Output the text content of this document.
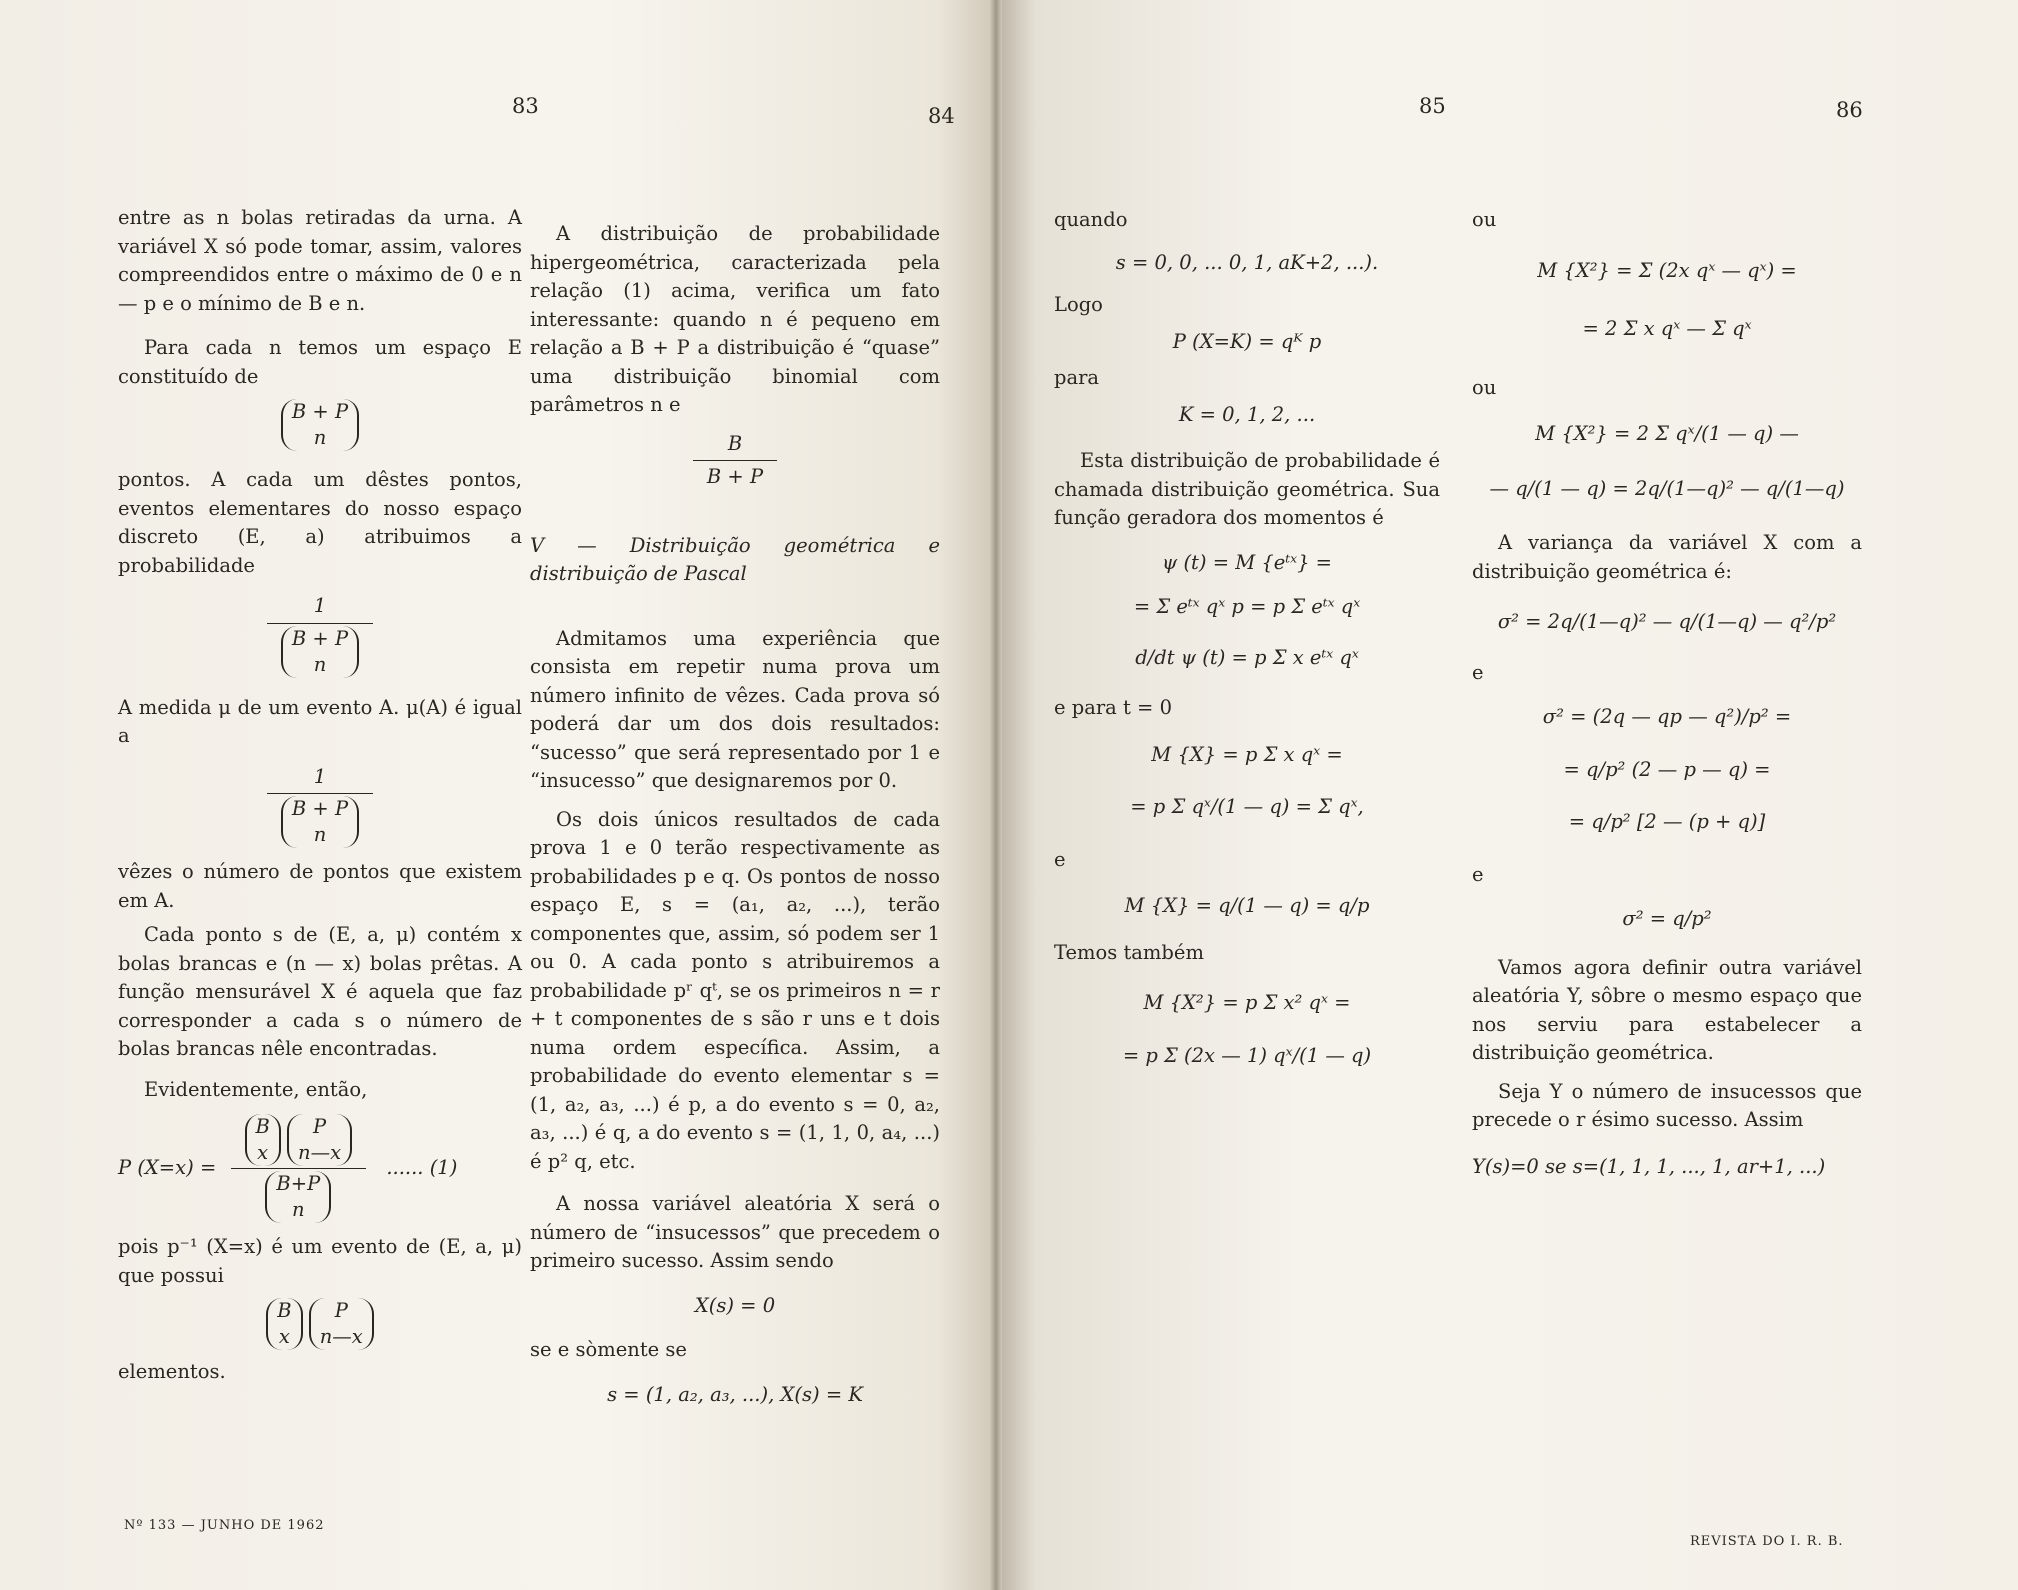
83	84	85	86

entre as n bolas retiradas da urna. A variável X só pode tomar, assim, valores compreendidos entre o máximo de 0 e n — p e o mínimo de B e n.

Para cada n temos um espaço E constituído de

B + P
n

pontos. A cada um dêstes pontos, eventos elementares do nosso espaço discreto (E, a) atribuimos a probabilidade

1
B + P
n

A medida μ de um evento A. μ(A) é igual a

1
B + P
n

vêzes o número de pontos que existem em A.

Cada ponto s de (E, a, μ) contém x bolas brancas e (n — x) bolas prêtas. A função mensurável X é aquela que faz corresponder a cada s o número de bolas brancas nêle encontradas.

Evidentemente, então,

P (X=x) =
B
x P
n—x
B+P
n
...... (1)

pois p⁻¹ (X=x) é um evento de (E, a, μ) que possui

B
x P
n—x

elementos.

A distribuição de probabilidade hipergeométrica, caracterizada pela relação (1) acima, verifica um fato interessante: quando n é pequeno em relação a B + P a distribuição é “quase” uma distribuição binomial com parâmetros n e

$\frac{B}{B + P}$

V — Distribuição geométrica e distribuição de Pascal

Admitamos uma experiência que consista em repetir numa prova um número infinito de vêzes. Cada prova só poderá dar um dos dois resultados: “sucesso” que será representado por 1 e “insucesso” que designaremos por 0.

Os dois únicos resultados de cada prova 1 e 0 terão respectivamente as probabilidades p e q. Os pontos de nosso espaço E, s = (a₁, a₂, ...), terão componentes que, assim, só podem ser 1 ou 0. A cada ponto s atribuiremos a probabilidade pʳ qᵗ, se os primeiros n = r + t componentes de s são r uns e t dois numa ordem específica. Assim, a probabilidade do evento elementar s = (1, a₂, a₃, ...) é p, a do evento s = 0, a₂, a₃, ...) é q, a do evento s = (1, 1, 0, a₄, ...) é p² q, etc.

A nossa variável aleatória X será o número de “insucessos” que precedem o primeiro sucesso. Assim sendo

X(s) = 0

se e sòmente se

s = (1, a₂, a₃, ...), X(s) = K

quando

s = 0, 0, ... 0, 1, aK+2, ...).

Logo

P (X=K) = qᴷ p

para

K = 0, 1, 2, ...

Esta distribuição de probabilidade é chamada distribuição geométrica. Sua função geradora dos momentos é

ψ (t) = M {eᵗˣ} =
= Σ eᵗˣ qˣ p = p Σ eᵗˣ qˣ
d/dt ψ (t) = p Σ x eᵗˣ qˣ

e para t = 0

M {X} = p Σ x qˣ =
= p Σ qˣ/(1 — q) = Σ qˣ,

e

M {X} = q/(1 — q) = q/p

Temos também

M {X²} = p Σ x² qˣ =
= p Σ (2x — 1) qˣ/(1 — q)

ou

M {X²} = Σ (2x qˣ — qˣ) =
= 2 Σ x qˣ — Σ qˣ

ou

M {X²} = 2 Σ qˣ/(1 — q) —
— q/(1 — q) = 2q/(1—q)² — q/(1—q)

A variança da variável X com a distribuição geométrica é:

σ² = 2q/(1—q)² — q/(1—q) — q²/p²

e

σ² = (2q — qp — q²)/p² =
= q/p² (2 — p — q) =
= q/p² [2 — (p + q)]

e

σ² = q/p²

Vamos agora definir outra variável aleatória Y, sôbre o mesmo espaço que nos serviu para estabelecer a distribuição geométrica.

Seja Y o número de insucessos que precede o r ésimo sucesso. Assim

Y(s)=0 se s=(1, 1, 1, ..., 1, ar+1, ...)
Nº 133 — JUNHO DE 1962
REVISTA DO I. R. B.
